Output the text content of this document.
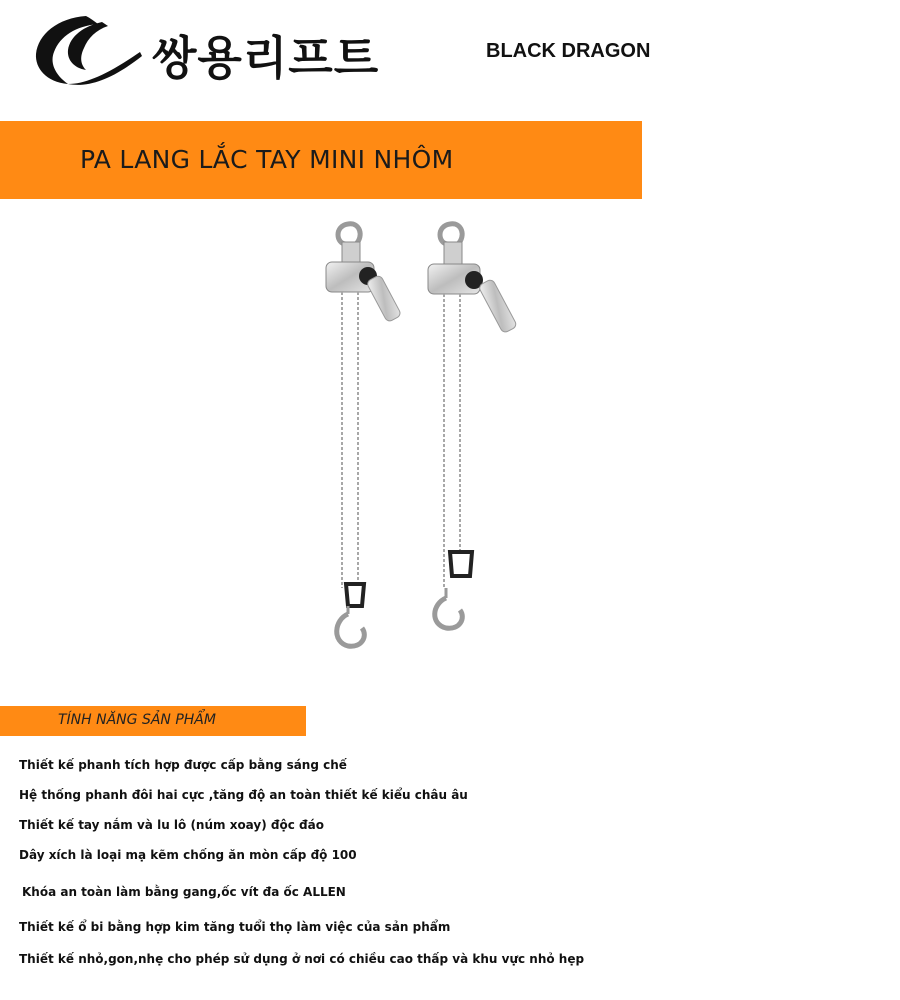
쌍용리프트	BLACK DRAGON
PA LANG LẮC TAY MINI NHÔM
TÍNH NĂNG SẢN PHẨM
Thiết kế phanh tích hợp được cấp bằng sáng chế
Hệ thống phanh đôi hai cực ,tăng độ an toàn thiết kế kiểu châu âu
Thiết kế tay nắm và lu lô (núm xoay) độc đáo
Dây xích là loại mạ kẽm chống ăn mòn cấp độ 100
Khóa an toàn làm bằng gang,ốc vít đa ốc ALLEN
Thiết kế ổ bi bằng hợp kim tăng tuổi thọ làm việc của sản phẩm
Thiết kế nhỏ,gon,nhẹ cho phép sử dụng ở nơi có chiều cao thấp và khu vực nhỏ hẹp
